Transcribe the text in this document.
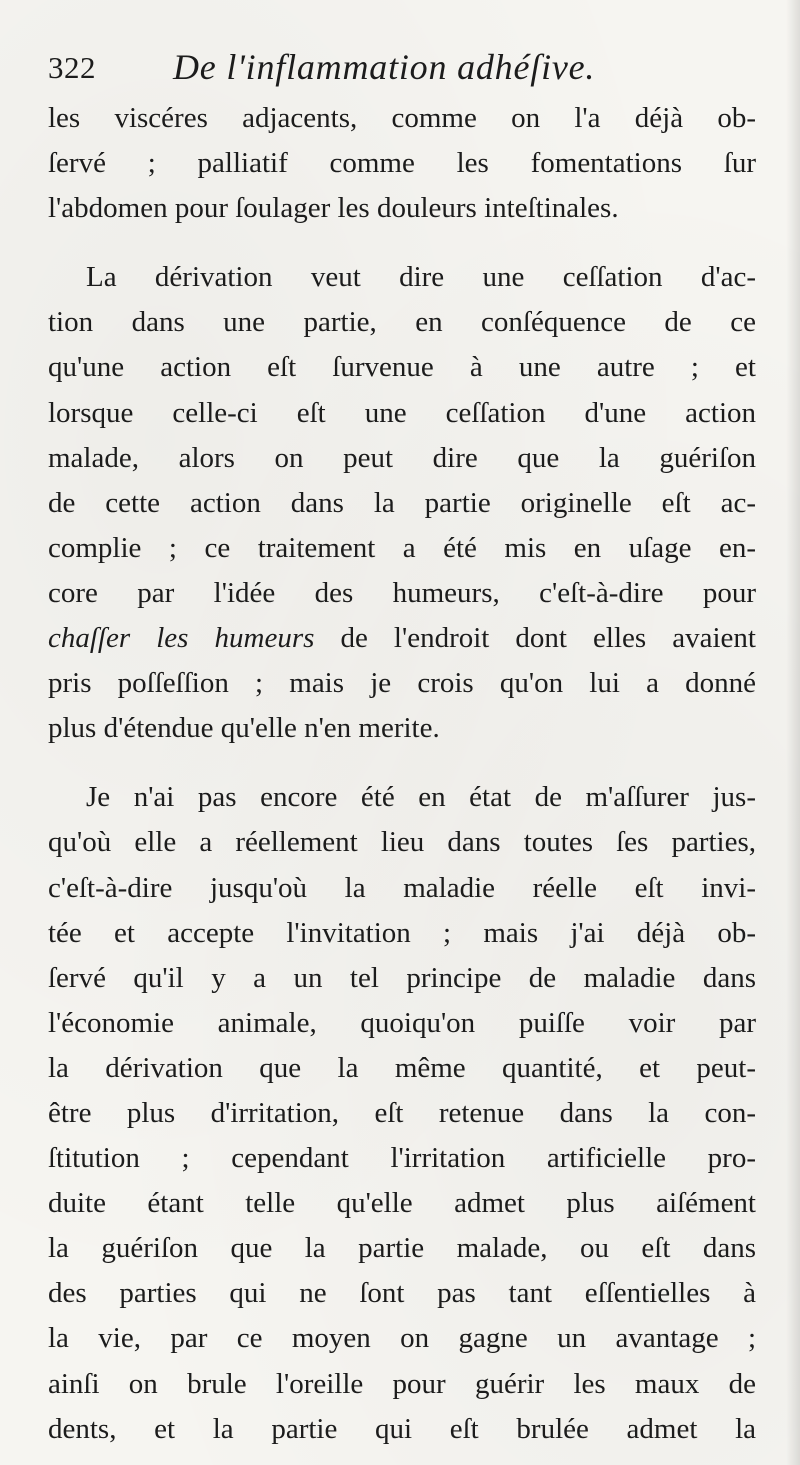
322 De l'inflammation adhéſive.
les viscéres adjacents, comme on l'a déjà ob-
ſervé ; palliatif comme les fomentations ſur
l'abdomen pour ſoulager les douleurs inteſtinales.
La dérivation veut dire une ceſſation d'ac-
tion dans une partie, en conſéquence de ce
qu'une action eſt ſurvenue à une autre ; et
lorsque celle-ci eſt une ceſſation d'une action
malade, alors on peut dire que la guériſon
de cette action dans la partie originelle eſt ac-
complie ; ce traitement a été mis en uſage en-
core par l'idée des humeurs, c'eſt-à-dire pour
chaſſer les humeurs de l'endroit dont elles avaient
pris poſſeſſion ; mais je crois qu'on lui a donné
plus d'étendue qu'elle n'en merite.
Je n'ai pas encore été en état de m'aſſurer jus-
qu'où elle a réellement lieu dans toutes ſes parties,
c'eſt-à-dire jusqu'où la maladie réelle eſt invi-
tée et accepte l'invitation ; mais j'ai déjà ob-
ſervé qu'il y a un tel principe de maladie dans
l'économie animale, quoiqu'on puiſſe voir par
la dérivation que la même quantité, et peut-
être plus d'irritation, eſt retenue dans la con-
ſtitution ; cependant l'irritation artificielle pro-
duite étant telle qu'elle admet plus aiſément
la guériſon que la partie malade, ou eſt dans
des parties qui ne ſont pas tant eſſentielles à
la vie, par ce moyen on gagne un avantage ;
ainſi on brule l'oreille pour guérir les maux de
dents, et la partie qui eſt brulée admet la
